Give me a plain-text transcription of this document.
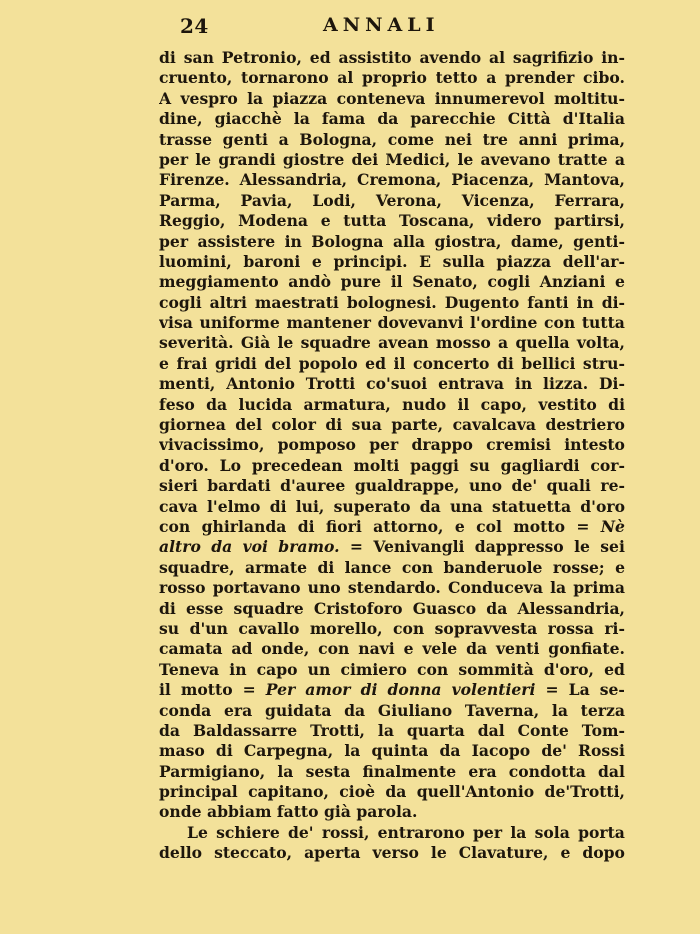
24	ANNALI
di san Petronio, ed assistito avendo al sagrifizio in-
cruento, tornarono al proprio tetto a prender cibo.
A vespro la piazza conteneva innumerevol moltitu-
dine, giacchè la fama da parecchie Città d'Italia
trasse genti a Bologna, come nei tre anni prima,
per le grandi giostre dei Medici, le avevano tratte a
Firenze. Alessandria, Cremona, Piacenza, Mantova,
Parma, Pavia, Lodi, Verona, Vicenza, Ferrara,
Reggio, Modena e tutta Toscana, videro partirsi,
per assistere in Bologna alla giostra, dame, genti-
luomini, baroni e principi. E sulla piazza dell'ar-
meggiamento andò pure il Senato, cogli Anziani e
cogli altri maestrati bolognesi. Dugento fanti in di-
visa uniforme mantener dovevanvi l'ordine con tutta
severità. Già le squadre avean mosso a quella volta,
e frai gridi del popolo ed il concerto di bellici stru-
menti, Antonio Trotti co'suoi entrava in lizza. Di-
feso da lucida armatura, nudo il capo, vestito di
giornea del color di sua parte, cavalcava destriero
vivacissimo, pomposo per drappo cremisi intesto
d'oro. Lo precedean molti paggi su gagliardi cor-
sieri bardati d'auree gualdrappe, uno de' quali re-
cava l'elmo di lui, superato da una statuetta d'oro
con ghirlanda di fiori attorno, e col motto = Nè
altro da voi bramo. = Venivangli dappresso le sei
squadre, armate di lance con banderuole rosse; e
rosso portavano uno stendardo. Conduceva la prima
di esse squadre Cristoforo Guasco da Alessandria,
su d'un cavallo morello, con sopravvesta rossa ri-
camata ad onde, con navi e vele da venti gonfiate.
Teneva in capo un cimiero con sommità d'oro, ed
il motto = Per amor di donna volentieri = La se-
conda era guidata da Giuliano Taverna, la terza
da Baldassarre Trotti, la quarta dal Conte Tom-
maso di Carpegna, la quinta da Iacopo de' Rossi
Parmigiano, la sesta finalmente era condotta dal
principal capitano, cioè da quell'Antonio de'Trotti,
onde
abbiam
fatto
già
parola.
Le schiere de' rossi, entrarono per la sola porta
dello steccato, aperta verso le Clavature, e dopo
